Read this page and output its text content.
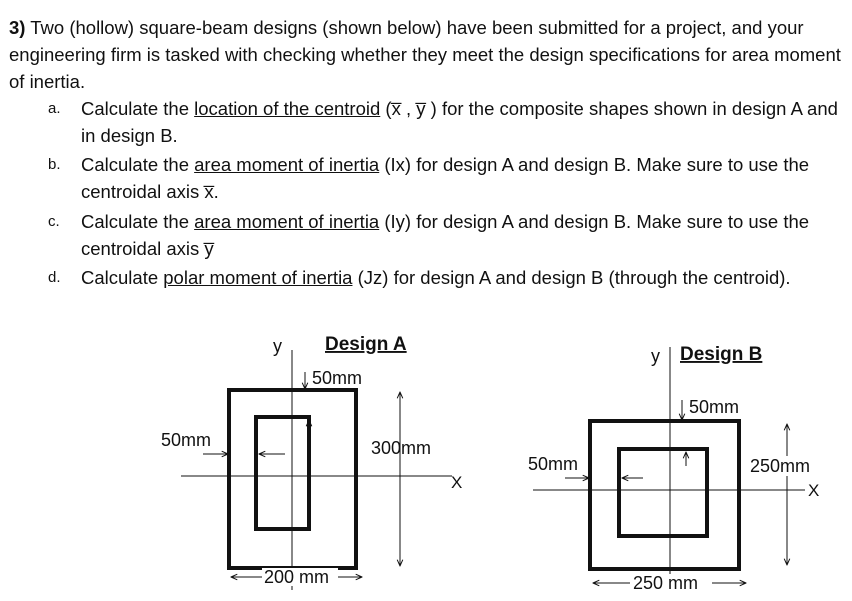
3) Two (hollow) square-beam designs (shown below) have been submitted for a project, and your engineering firm is tasked with checking whether they meet the design specifications for area moment of inertia.
a.	Calculate the location of the centroid (x̅ , y̅ ) for the composite shapes shown in design A and in design B.
b.	Calculate the area moment of inertia (Ix) for design A and design B. Make sure to use the centroidal axis x̅.
c.	Calculate the area moment of inertia (Iy) for design A and design B. Make sure to use the centroidal axis y̅
d.	Calculate polar moment of inertia (Jz) for design A and design B (through the centroid).
Design A
y
X
50mm
50mm	300mm
200 mm
Design B
y
X
50mm
50mm	250mm
250 mm
